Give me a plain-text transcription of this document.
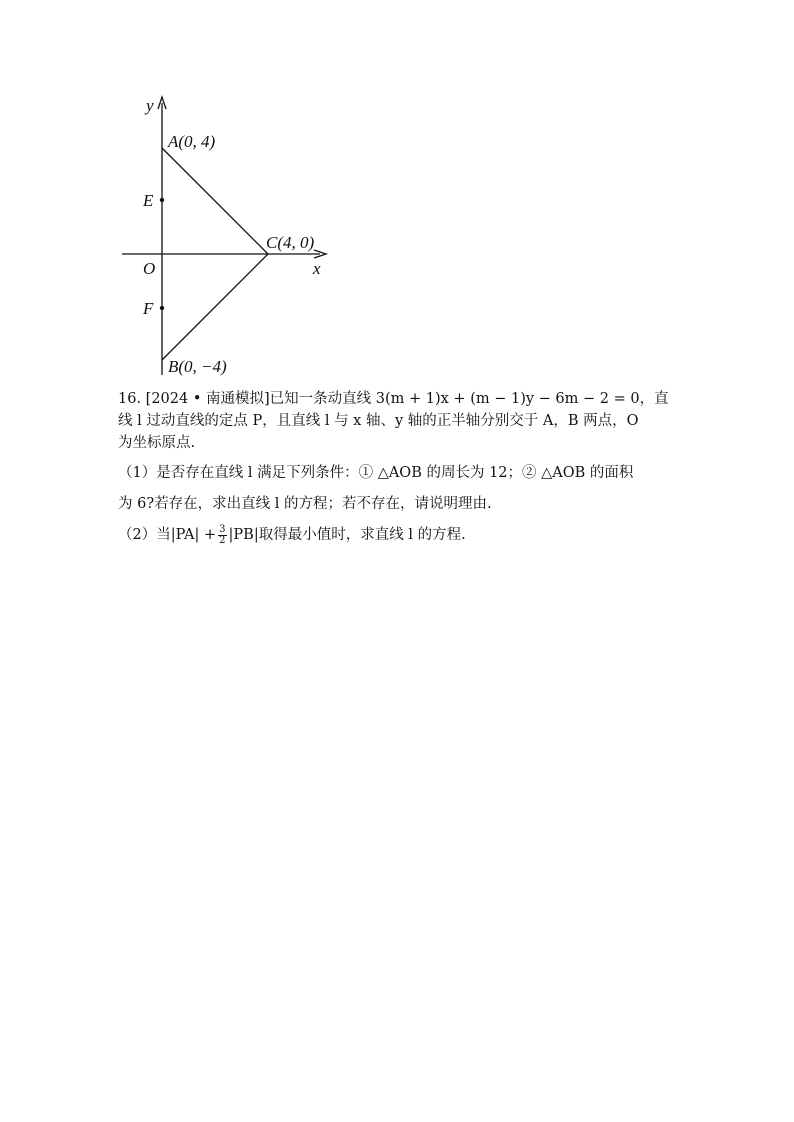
y
x
O
A(0, 4)
C(4, 0)
B(0, −4)
E
F

16. [2024 • 南通模拟]已知一条动直线 3(m + 1)x + (m − 1)y − 6m − 2 = 0，直

线 l 过动直线的定点 P，且直线 l 与 x 轴、y 轴的正半轴分别交于 A，B 两点，O

为坐标原点.

（1）是否存在直线 l 满足下列条件：① △AOB 的周长为 12；② △AOB 的面积

为 6?若存在，求出直线 l 的方程；若不存在，请说明理由.

（2）当$|PA| + \frac{3}{2} |PB|$取得最小值时，求直线 l 的方程.
